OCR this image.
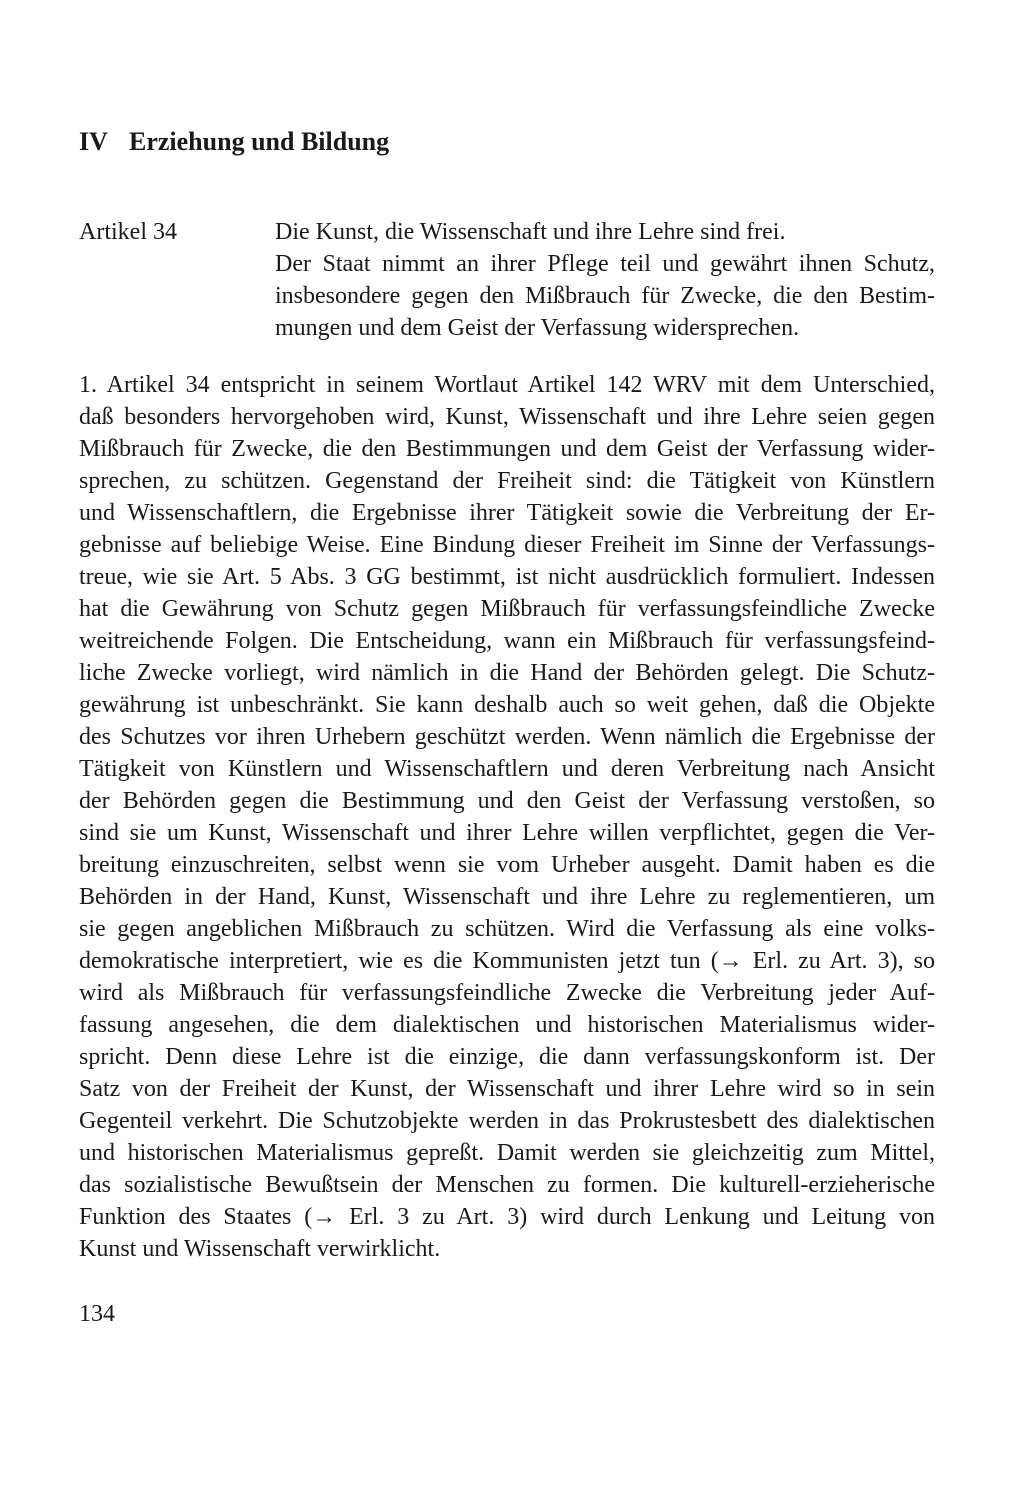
IV Erziehung und Bildung
Artikel 34	Die Kunst, die Wissenschaft und ihre Lehre sind frei.
Der Staat nimmt an ihrer Pflege teil und gewährt ihnen Schutz,
insbesondere gegen den Mißbrauch für Zwecke, die den Bestim-
mungen und dem Geist der Verfassung widersprechen.
1. Artikel 34 entspricht in seinem Wortlaut Artikel 142 WRV mit dem Unterschied,
daß besonders hervorgehoben wird, Kunst, Wissenschaft und ihre Lehre seien gegen
Mißbrauch für Zwecke, die den Bestimmungen und dem Geist der Verfassung wider-
sprechen, zu schützen. Gegenstand der Freiheit sind: die Tätigkeit von Künstlern
und Wissenschaftlern, die Ergebnisse ihrer Tätigkeit sowie die Verbreitung der Er-
gebnisse auf beliebige Weise. Eine Bindung dieser Freiheit im Sinne der Verfassungs-
treue, wie sie Art. 5 Abs. 3 GG bestimmt, ist nicht ausdrücklich formuliert. Indessen
hat die Gewährung von Schutz gegen Mißbrauch für verfassungsfeindliche Zwecke
weitreichende Folgen. Die Entscheidung, wann ein Mißbrauch für verfassungsfeind-
liche Zwecke vorliegt, wird nämlich in die Hand der Behörden gelegt. Die Schutz-
gewährung ist unbeschränkt. Sie kann deshalb auch so weit gehen, daß die Objekte
des Schutzes vor ihren Urhebern geschützt werden. Wenn nämlich die Ergebnisse der
Tätigkeit von Künstlern und Wissenschaftlern und deren Verbreitung nach Ansicht
der Behörden gegen die Bestimmung und den Geist der Verfassung verstoßen, so
sind sie um Kunst, Wissenschaft und ihrer Lehre willen verpflichtet, gegen die Ver-
breitung einzuschreiten, selbst wenn sie vom Urheber ausgeht. Damit haben es die
Behörden in der Hand, Kunst, Wissenschaft und ihre Lehre zu reglementieren, um
sie gegen angeblichen Mißbrauch zu schützen. Wird die Verfassung als eine volks-
demokratische interpretiert, wie es die Kommunisten jetzt tun (→ Erl. zu Art. 3), so
wird als Mißbrauch für verfassungsfeindliche Zwecke die Verbreitung jeder Auf-
fassung angesehen, die dem dialektischen und historischen Materialismus wider-
spricht. Denn diese Lehre ist die einzige, die dann verfassungskonform ist. Der
Satz von der Freiheit der Kunst, der Wissenschaft und ihrer Lehre wird so in sein
Gegenteil verkehrt. Die Schutzobjekte werden in das Prokrustesbett des dialektischen
und historischen Materialismus gepreßt. Damit werden sie gleichzeitig zum Mittel,
das sozialistische Bewußtsein der Menschen zu formen. Die kulturell-erzieherische
Funktion des Staates (→ Erl. 3 zu Art. 3) wird durch Lenkung und Leitung von
Kunst und Wissenschaft verwirklicht.
134
